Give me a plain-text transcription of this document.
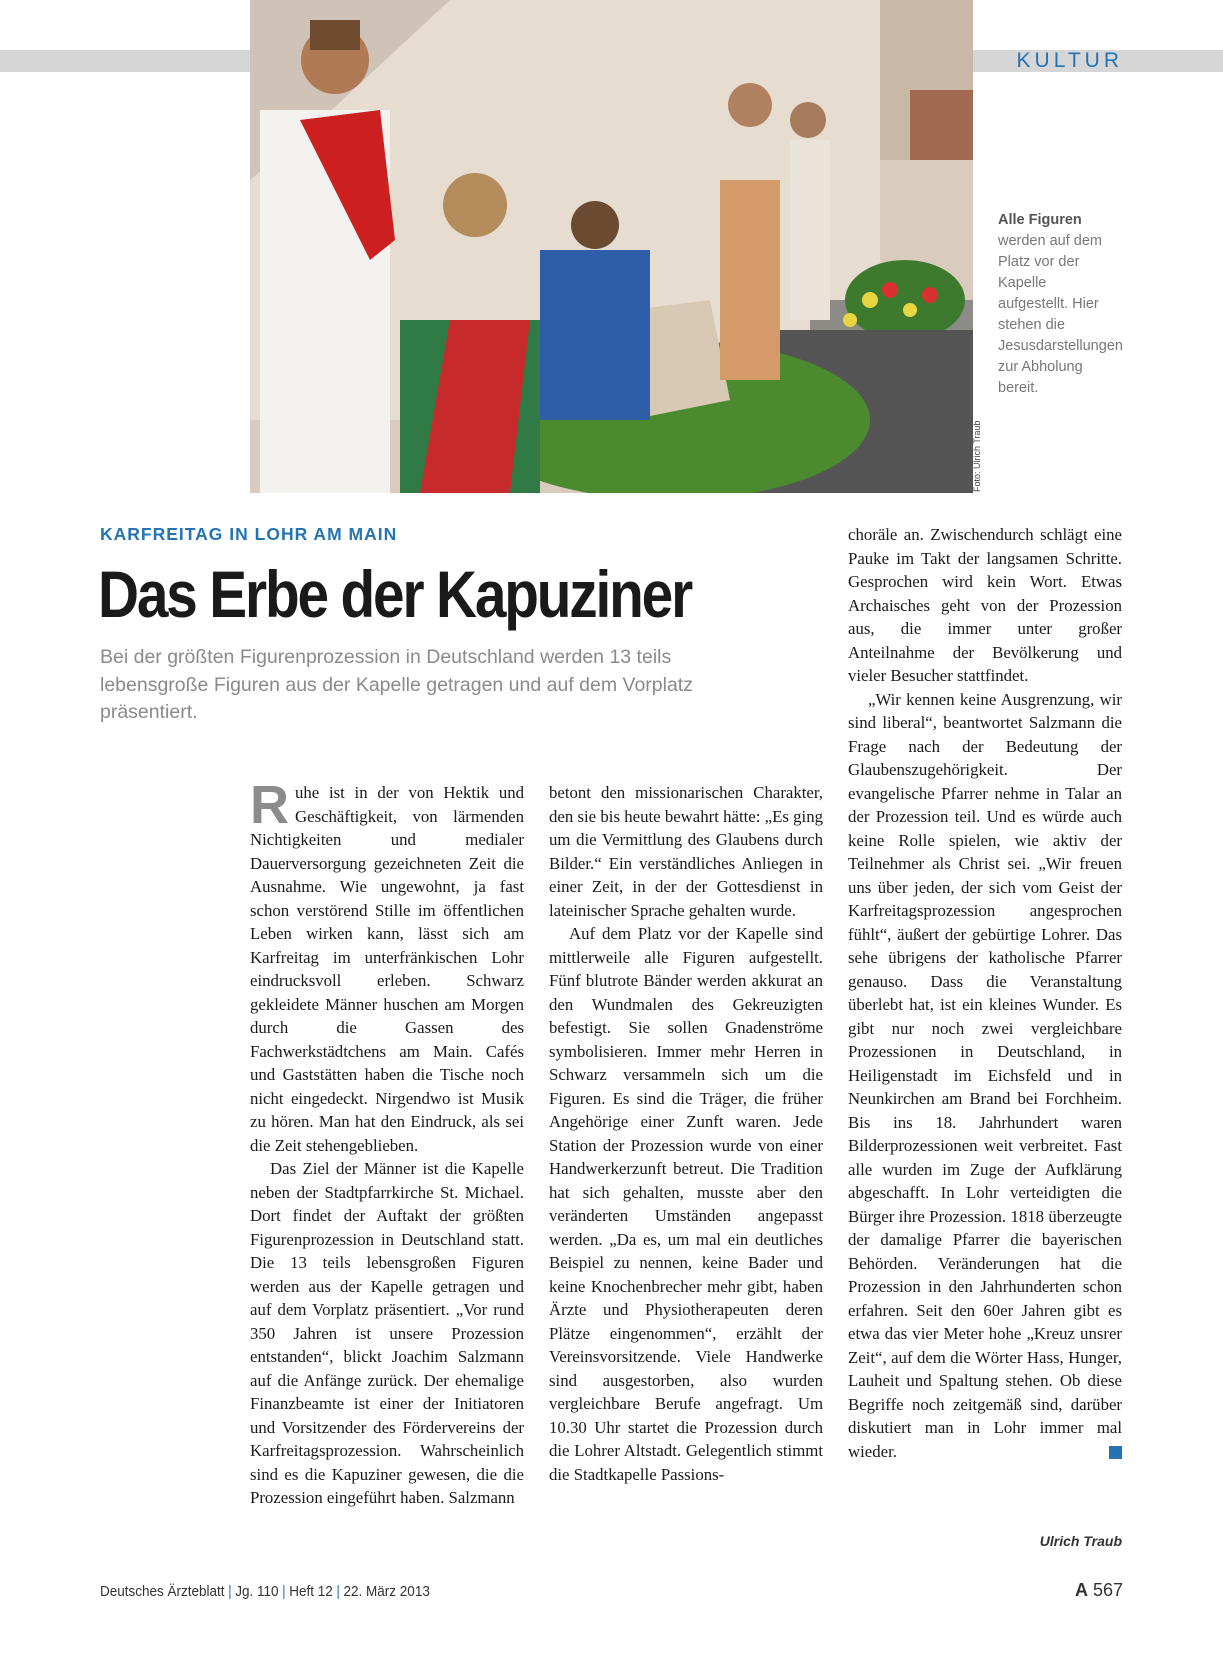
KULTUR
Foto: Ulrich Traub
Alle Figuren werden auf dem Platz vor der Kapelle aufgestellt. Hier stehen die Jesusdarstellungen zur Abholung bereit.
KARFREITAG IN LOHR AM MAIN
Das Erbe der Kapuziner
Bei der größten Figurenprozession in Deutschland werden 13 teils lebensgroße Figuren aus der Kapelle getragen und auf dem Vorplatz präsentiert.

Ruhe ist in der von Hektik und Geschäftigkeit, von lärmenden Nichtigkeiten und medialer Dauerversorgung gezeichneten Zeit die Ausnahme. Wie ungewohnt, ja fast schon verstörend Stille im öffentlichen Leben wirken kann, lässt sich am Karfreitag im unterfränkischen Lohr eindrucksvoll erleben. Schwarz gekleidete Männer huschen am Morgen durch die Gassen des Fachwerkstädtchens am Main. Cafés und Gaststätten haben die Tische noch nicht eingedeckt. Nirgendwo ist Musik zu hören. Man hat den Eindruck, als sei die Zeit stehengeblieben.

Das Ziel der Männer ist die Kapelle neben der Stadtpfarrkirche St. Michael. Dort findet der Auftakt der größten Figurenprozession in Deutschland statt. Die 13 teils lebensgroßen Figuren werden aus der Kapelle getragen und auf dem Vorplatz präsentiert. „Vor rund 350 Jahren ist unsere Prozession entstanden“, blickt Joachim Salzmann auf die Anfänge zurück. Der ehemalige Finanzbeamte ist einer der Initiatoren und Vorsitzender des Fördervereins der Karfreitagsprozession. Wahrscheinlich sind es die Kapuziner gewesen, die die Prozession eingeführt haben. Salzmann

betont den missionarischen Charakter, den sie bis heute bewahrt hätte: „Es ging um die Vermittlung des Glaubens durch Bilder.“ Ein verständliches Anliegen in einer Zeit, in der der Gottesdienst in lateinischer Sprache gehalten wurde.

Auf dem Platz vor der Kapelle sind mittlerweile alle Figuren aufgestellt. Fünf blutrote Bänder werden akkurat an den Wundmalen des Gekreuzigten befestigt. Sie sollen Gnadenströme symbolisieren. Immer mehr Herren in Schwarz versammeln sich um die Figuren. Es sind die Träger, die früher Angehörige einer Zunft waren. Jede Station der Prozession wurde von einer Handwerkerzunft betreut. Die Tradition hat sich gehalten, musste aber den veränderten Umständen angepasst werden. „Da es, um mal ein deutliches Beispiel zu nennen, keine Bader und keine Knochenbrecher mehr gibt, haben Ärzte und Physiotherapeuten deren Plätze eingenommen“, erzählt der Vereinsvorsitzende. Viele Handwerke sind ausgestorben, also wurden vergleichbare Berufe angefragt. Um 10.30 Uhr startet die Prozession durch die Lohrer Altstadt. Gelegentlich stimmt die Stadtkapelle Passions-

choräle an. Zwischendurch schlägt eine Pauke im Takt der langsamen Schritte. Gesprochen wird kein Wort. Etwas Archaisches geht von der Prozession aus, die immer unter großer Anteilnahme der Bevölkerung und vieler Besucher stattfindet.

„Wir kennen keine Ausgrenzung, wir sind liberal“, beantwortet Salzmann die Frage nach der Bedeutung der Glaubenszugehörigkeit. Der evangelische Pfarrer nehme in Talar an der Prozession teil. Und es würde auch keine Rolle spielen, wie aktiv der Teilnehmer als Christ sei. „Wir freuen uns über jeden, der sich vom Geist der Karfreitagsprozession angesprochen fühlt“, äußert der gebürtige Lohrer. Das sehe übrigens der katholische Pfarrer genauso. Dass die Veranstaltung überlebt hat, ist ein kleines Wunder. Es gibt nur noch zwei vergleichbare Prozessionen in Deutschland, in Heiligenstadt im Eichsfeld und in Neunkirchen am Brand bei Forchheim. Bis ins 18. Jahrhundert waren Bilderprozessionen weit verbreitet. Fast alle wurden im Zuge der Aufklärung abgeschafft. In Lohr verteidigten die Bürger ihre Prozession. 1818 überzeugte der damalige Pfarrer die bayerischen Behörden. Veränderungen hat die Prozession in den Jahrhunderten schon erfahren. Seit den 60er Jahren gibt es etwa das vier Meter hohe „Kreuz unsrer Zeit“, auf dem die Wörter Hass, Hunger, Lauheit und Spaltung stehen. Ob diese Begriffe noch zeitgemäß sind, darüber diskutiert man in Lohr immer mal wieder.

Ulrich Traub
Deutsches Ärzteblatt | Jg. 110 | Heft 12 | 22. März 2013	A 567
